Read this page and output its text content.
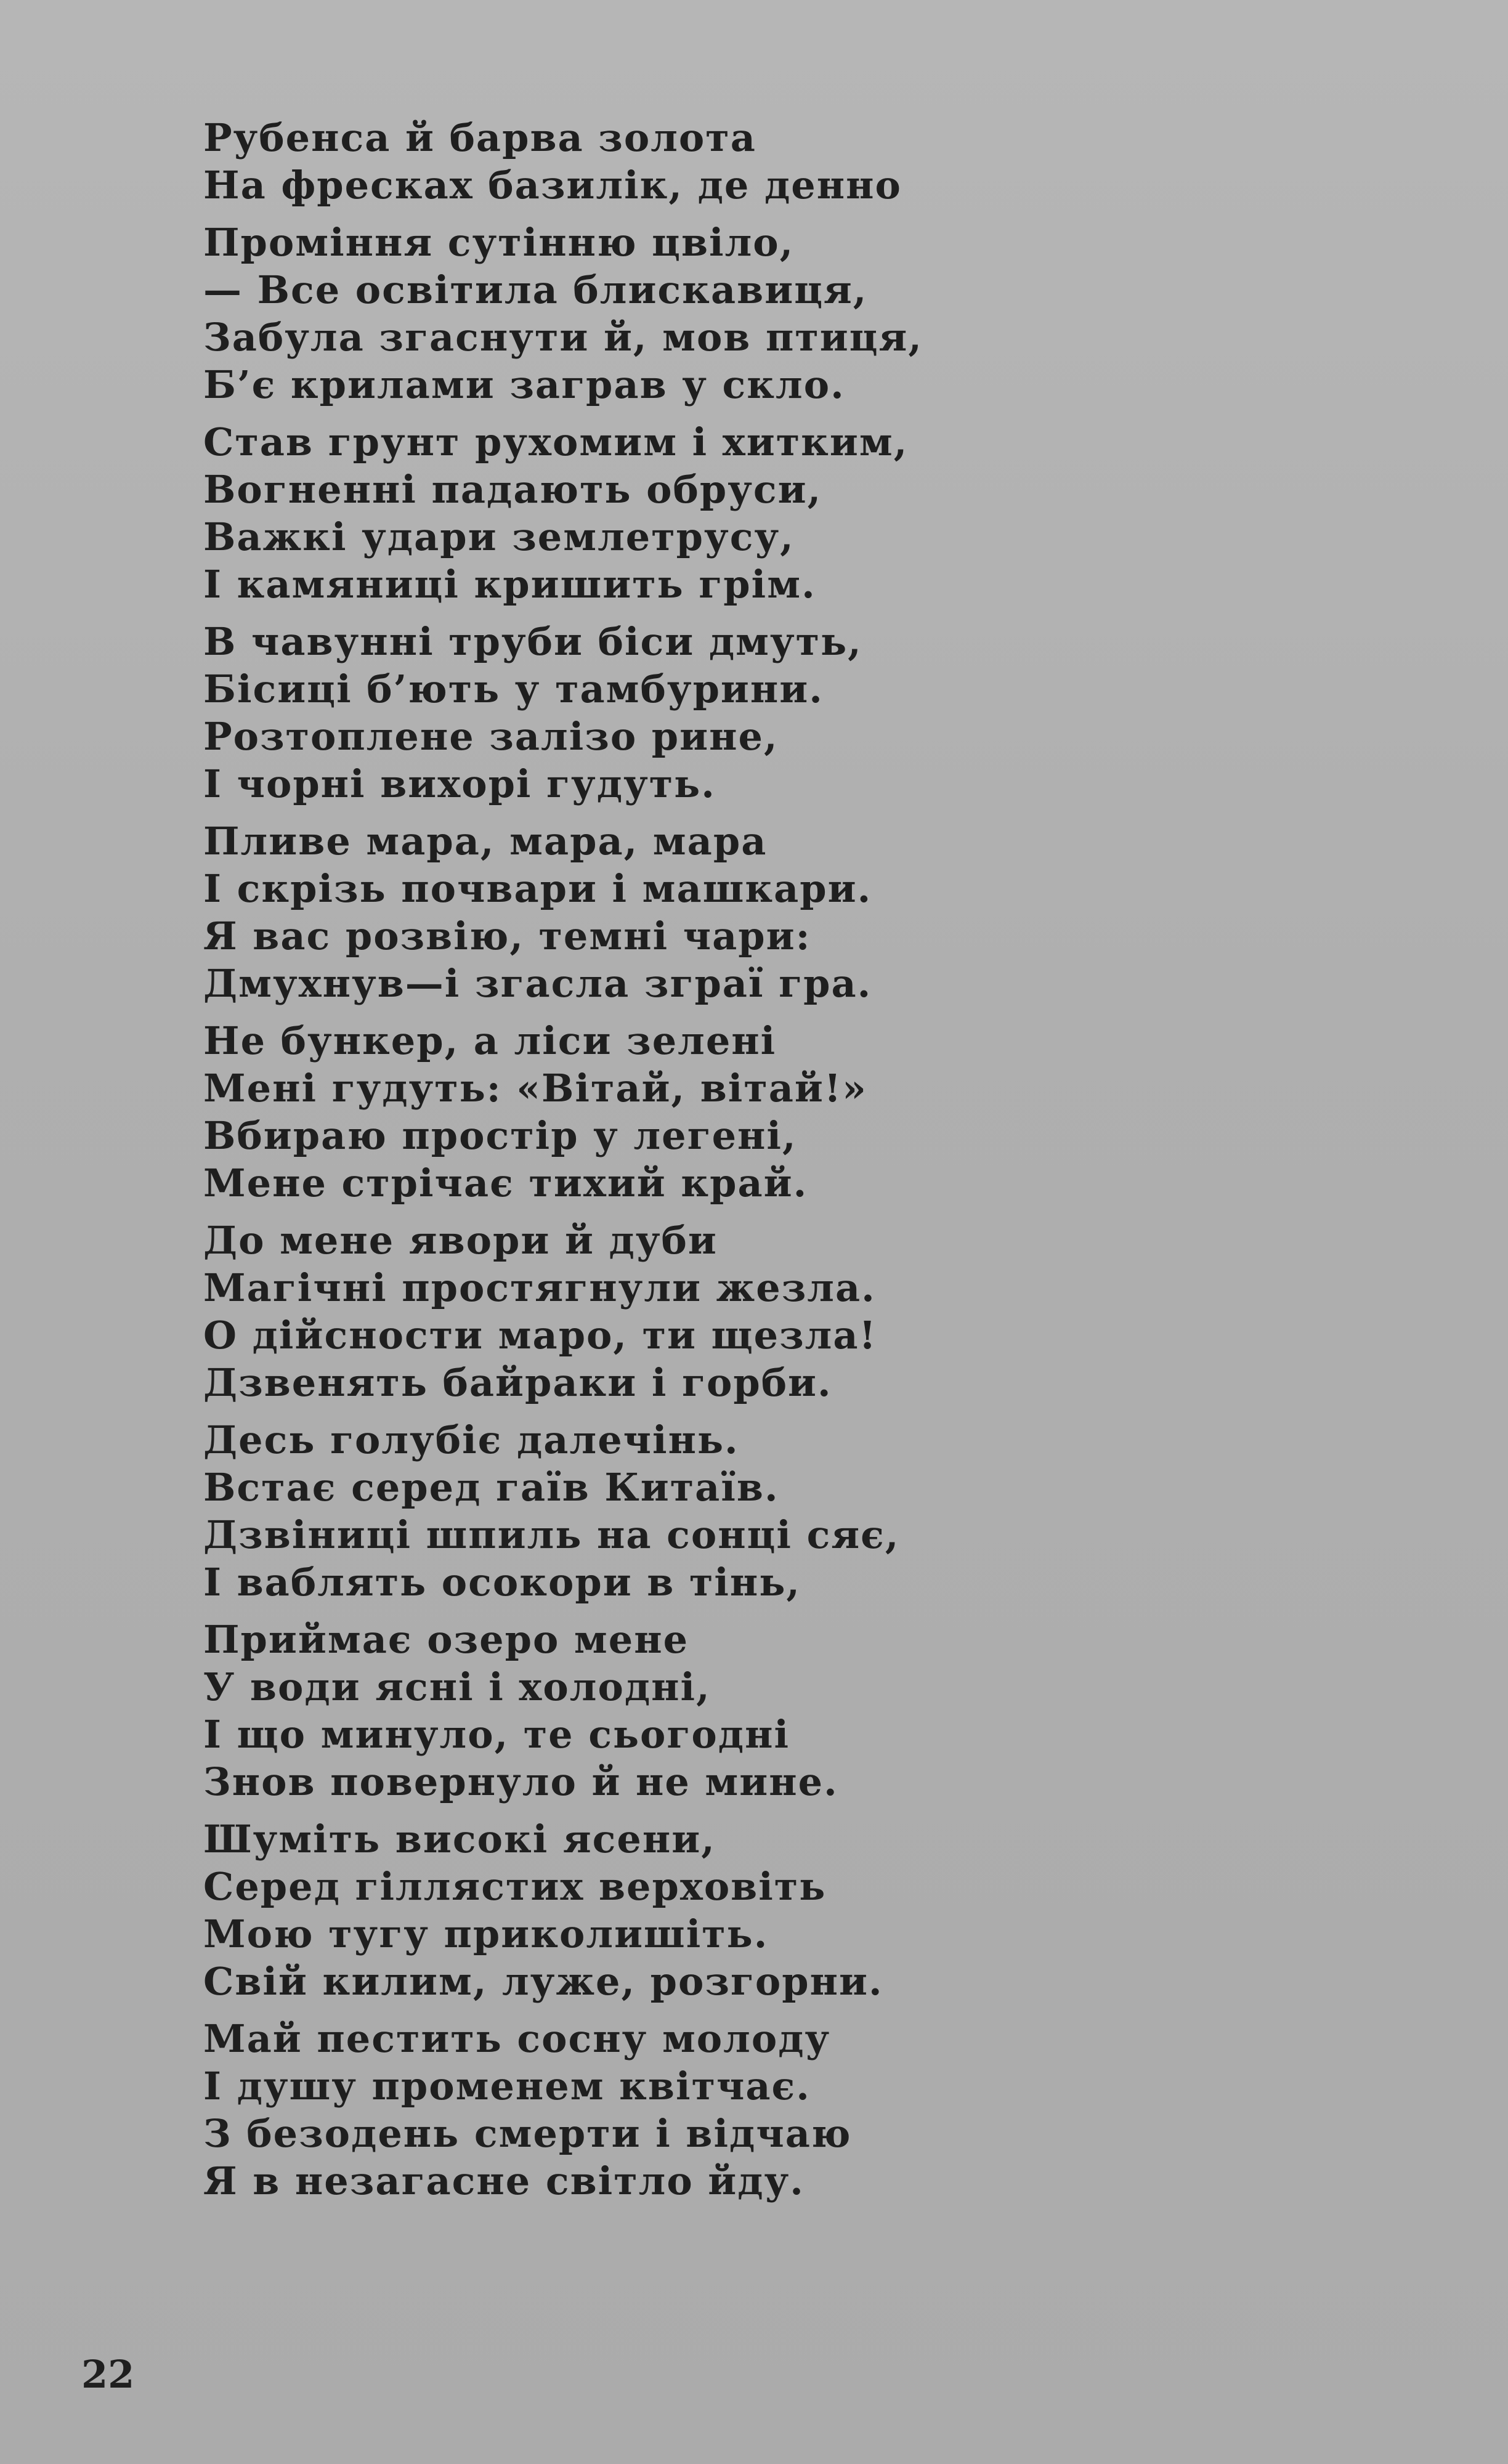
Рубенса й барва золота
На фресках базилік, де денно
Проміння сутінню цвіло,
— Все освітила блискавиця,
Забула згаснути й, мов птиця,
Б’є крилами заграв у скло.
Став грунт рухомим і хитким,
Вогненні падають обруси,
Важкі удари землетрусу,
І камяниці кришить грім.
В чавунні труби біси дмуть,
Бісиці б’ють у тамбурини.
Розтоплене залізо рине,
І чорні вихорі гудуть.
Пливе мара, мара, мара
І скрізь почвари і машкари.
Я вас розвію, темні чари:
Дмухнув—і згасла зграї гра.
Не бункер, а ліси зелені
Мені гудуть: «Вітай, вітай!»
Вбираю простір у легені,
Мене стрічає тихий край.
До мене явори й дуби
Магічні простягнули жезла.
О дійсности маро, ти щезла!
Дзвенять байраки і горби.
Десь голубіє далечінь.
Встає серед гаїв Китаїв.
Дзвіниці шпиль на сонці сяє,
І ваблять осокори в тінь,
Приймає озеро мене
У води ясні і холодні,
І що минуло, те сьогодні
Знов повернуло й не мине.
Шуміть високі ясени,
Серед гіллястих верховіть
Мою тугу приколишіть.
Свій килим, луже, розгорни.
Май пестить сосну молоду
І душу променем квітчає.
З безодень смерти і відчаю
Я в незагасне світло йду.
22
